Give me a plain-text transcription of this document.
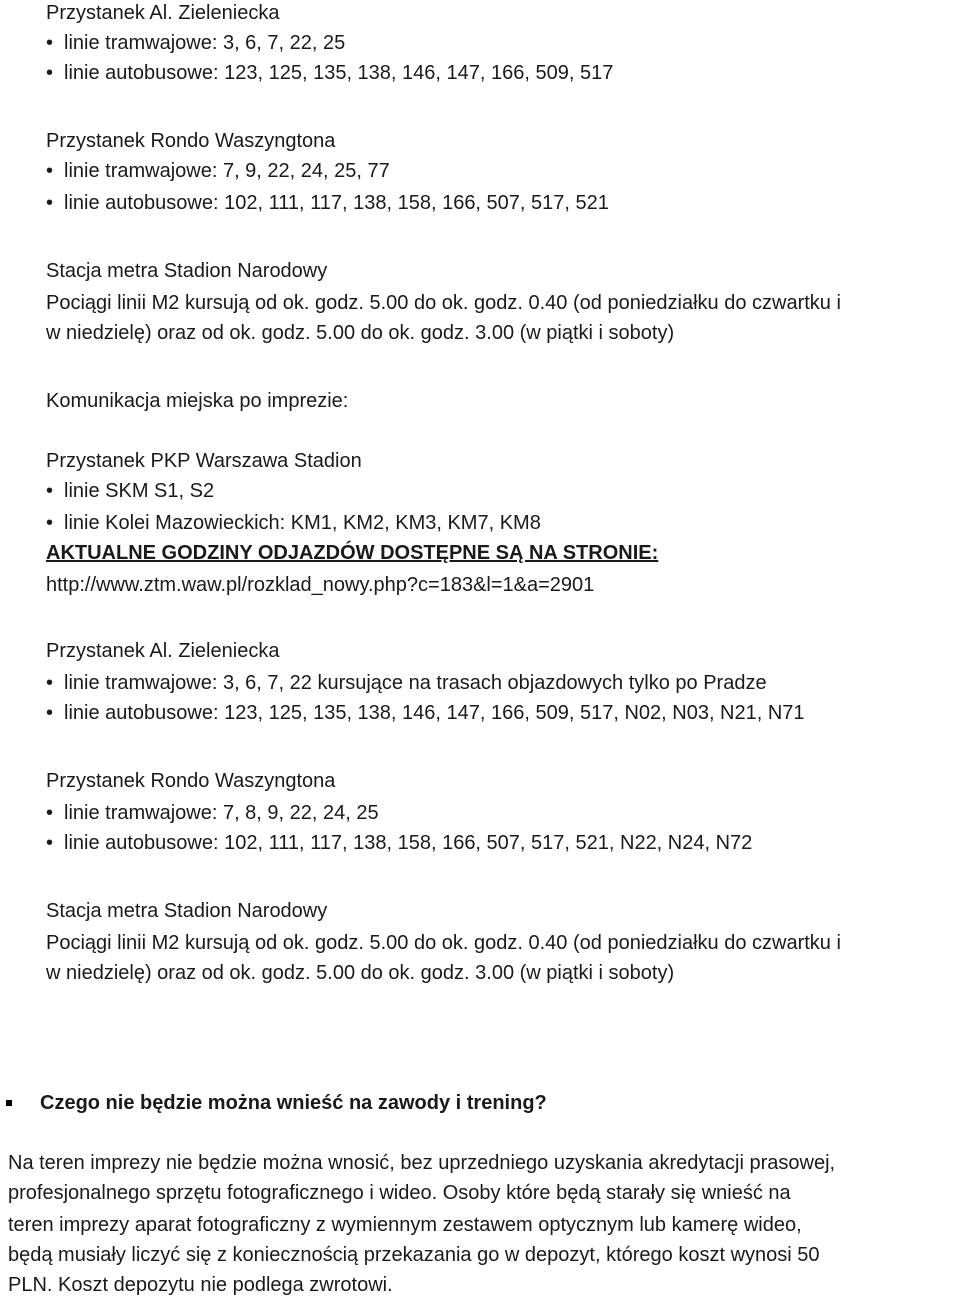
Przystanek Al. Zieleniecka
• linie tramwajowe: 3, 6, 7, 22, 25
• linie autobusowe: 123, 125, 135, 138, 146, 147, 166, 509, 517
Przystanek Rondo Waszyngtona
• linie tramwajowe: 7, 9, 22, 24, 25, 77
• linie autobusowe: 102, 111, 117, 138, 158, 166, 507, 517, 521
Stacja metra Stadion Narodowy
Pociągi linii M2 kursują od ok. godz. 5.00 do ok. godz. 0.40 (od poniedziałku do czwartku i
w niedzielę) oraz od ok. godz. 5.00 do ok. godz. 3.00 (w piątki i soboty)
Komunikacja miejska po imprezie:
Przystanek PKP Warszawa Stadion
• linie SKM S1, S2
• linie Kolei Mazowieckich: KM1, KM2, KM3, KM7, KM8
AKTUALNE GODZINY ODJAZDÓW DOSTĘPNE SĄ NA STRONIE:
http://www.ztm.waw.pl/rozklad_nowy.php?c=183&l=1&a=2901
Przystanek Al. Zieleniecka
• linie tramwajowe: 3, 6, 7, 22 kursujące na trasach objazdowych tylko po Pradze
• linie autobusowe: 123, 125, 135, 138, 146, 147, 166, 509, 517, N02, N03, N21, N71
Przystanek Rondo Waszyngtona
• linie tramwajowe: 7, 8, 9, 22, 24, 25
• linie autobusowe: 102, 111, 117, 138, 158, 166, 507, 517, 521, N22, N24, N72
Stacja metra Stadion Narodowy
Pociągi linii M2 kursują od ok. godz. 5.00 do ok. godz. 0.40 (od poniedziałku do czwartku i
w niedzielę) oraz od ok. godz. 5.00 do ok. godz. 3.00 (w piątki i soboty)
Czego nie będzie można wnieść na zawody i trening?
Na teren imprezy nie będzie można wnosić, bez uprzedniego uzyskania akredytacji prasowej,
profesjonalnego sprzętu fotograficznego i wideo. Osoby które będą starały się wnieść na
teren imprezy aparat fotograficzny z wymiennym zestawem optycznym lub kamerę wideo,
będą musiały liczyć się z koniecznością przekazania go w depozyt, którego koszt wynosi 50
PLN. Koszt depozytu nie podlega zwrotowi.
